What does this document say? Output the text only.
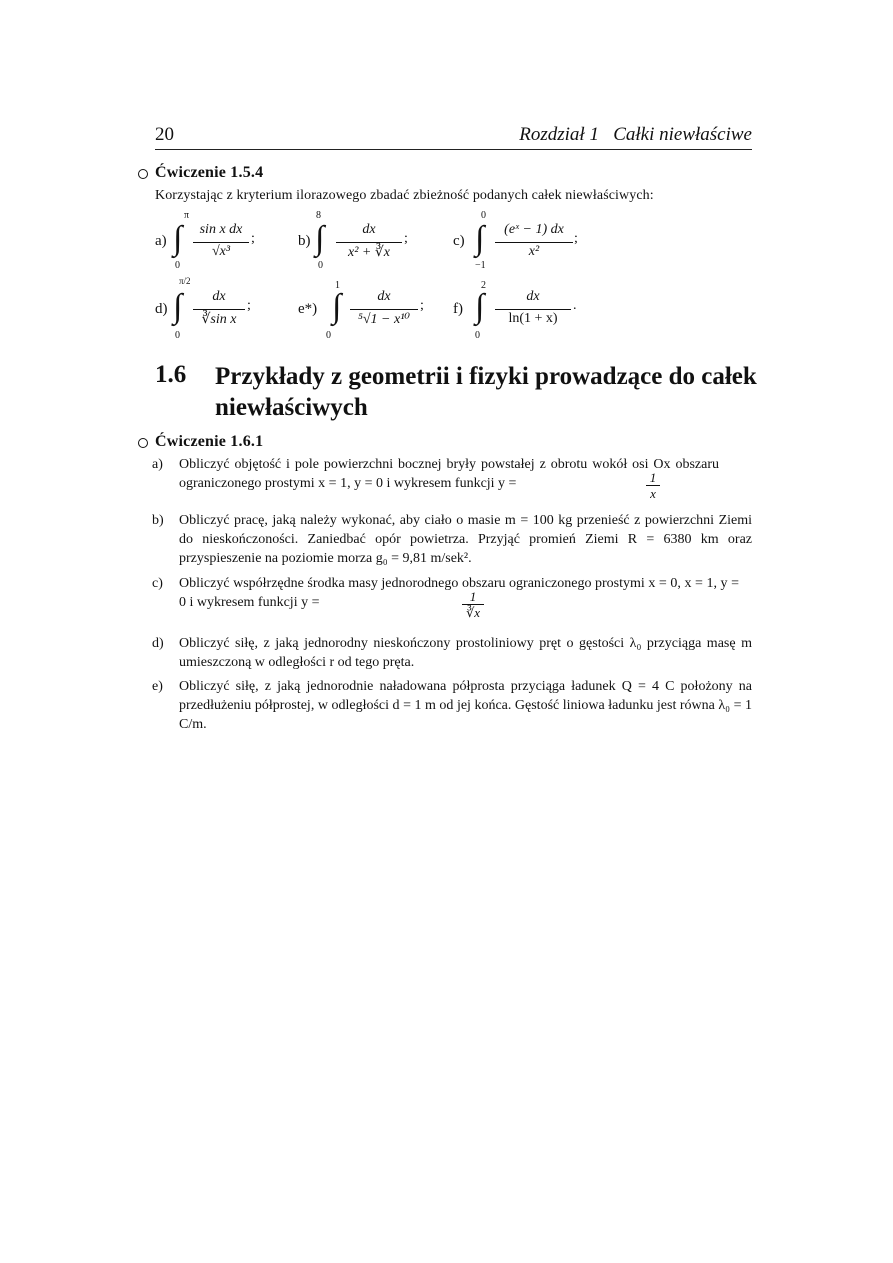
20	Rozdział 1   Całki niewłaściwe
Ćwiczenie 1.5.4
Korzystając z kryterium ilorazowego zbadać zbieżność podanych całek niewłaściwych:
a)
π
∫
0
sin x dx
√x³
;	b)
8
∫
0
dx
x² + ∛x
;	c)
0
∫
−1
(eˣ − 1) dx
x²
;
d)
π/2
∫
0
dx
∛sin x
;	e*)
1
∫
0
dx
⁵√1 − x¹⁰
; f)
2
∫
0
dx
ln(1 + x)
.
1.6 Przykłady z geometrii i fizyki prowadzące do całek niewłaściwych
Ćwiczenie 1.6.1
a) Obliczyć objętość i pole powierzchni bocznej bryły powstałej z obrotu wokół osi Ox obszaru ograniczonego prostymi x = 1, y = 0 i wykresem funkcji y =	1
x
b) Obliczyć pracę, jaką należy wykonać, aby ciało o masie m = 100 kg przenieść z powierzchni Ziemi do nieskończoności. Zaniedbać opór powietrza. Przyjąć promień Ziemi R = 6380 km oraz przyspieszenie na poziomie morza g₀ = 9,81 m/sek².
c) Obliczyć współrzędne środka masy jednorodnego obszaru ograniczonego prostymi x = 0, x = 1, y = 0 i wykresem funkcji y =	1
∛x
d) Obliczyć siłę, z jaką jednorodny nieskończony prostoliniowy pręt o gęstości λ₀ przyciąga masę m umieszczoną w odległości r od tego pręta.
e) Obliczyć siłę, z jaką jednorodnie naładowana półprosta przyciąga ładunek Q = 4 C położony na przedłużeniu półprostej, w odległości d = 1 m od jej końca. Gęstość liniowa ładunku jest równa λ₀ = 1 C/m.
